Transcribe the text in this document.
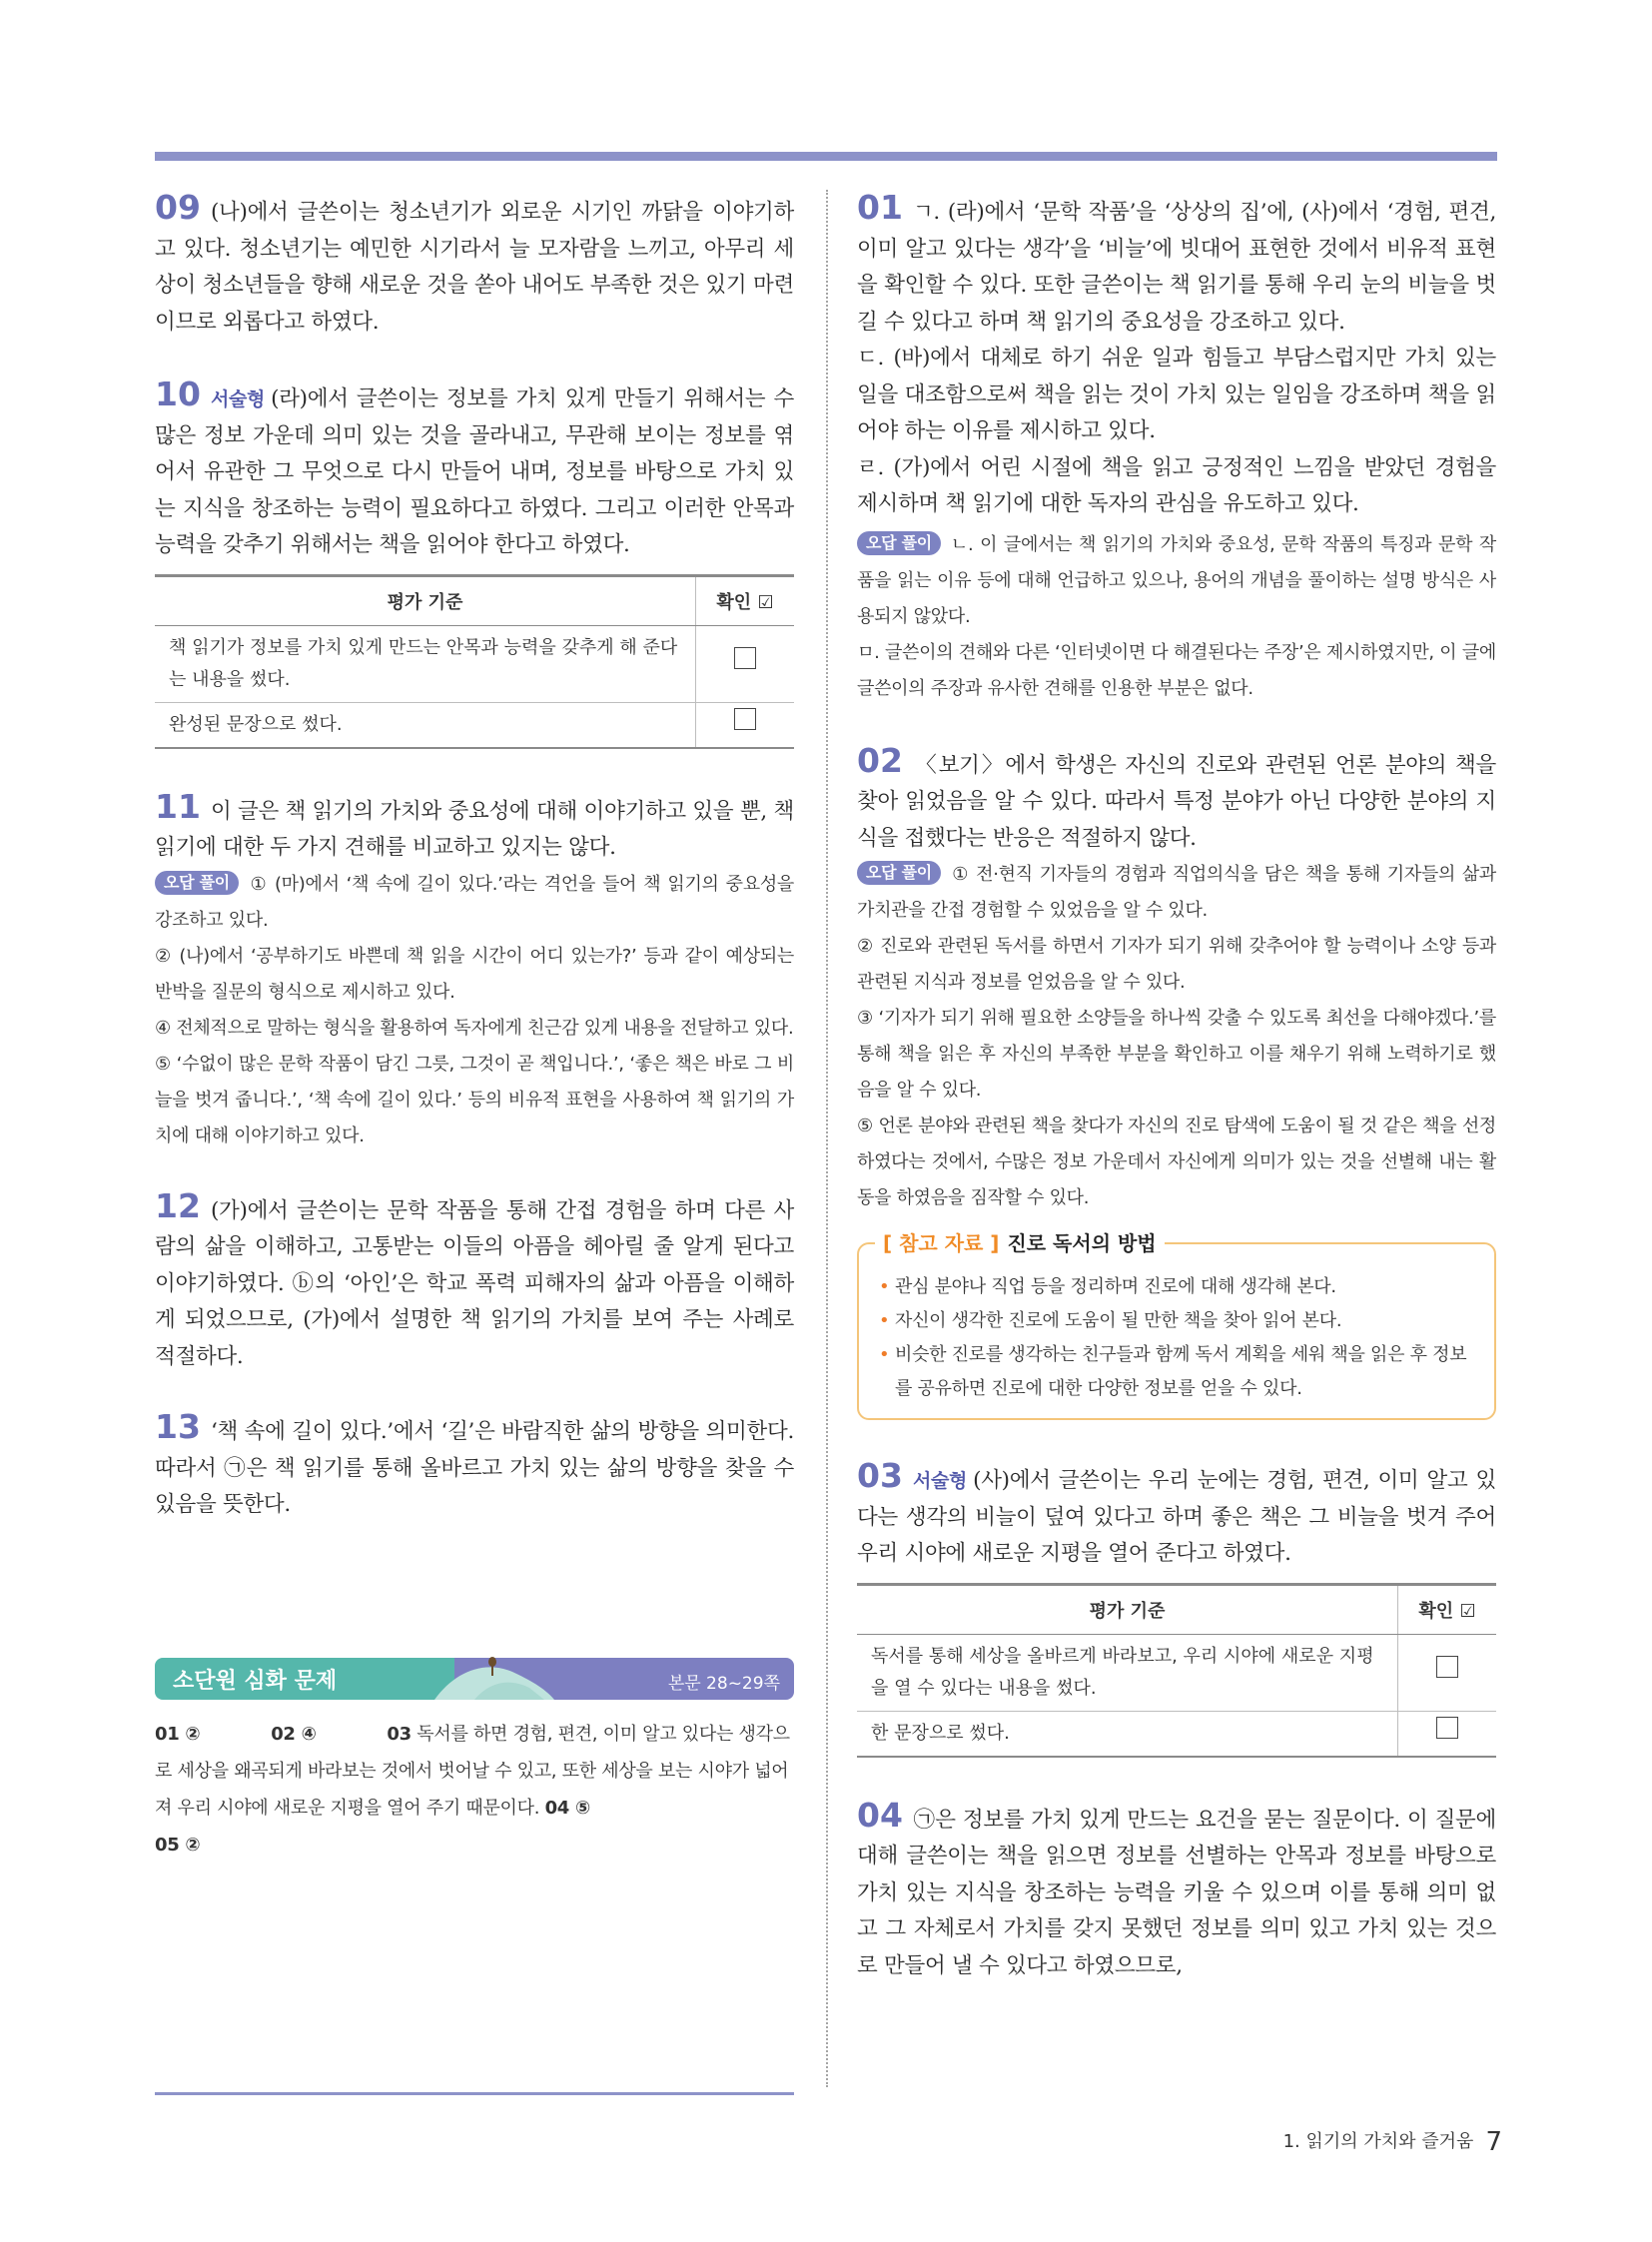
09 (나)에서 글쓴이는 청소년기가 외로운 시기인 까닭을 이야기하고 있다. 청소년기는 예민한 시기라서 늘 모자람을 느끼고, 아무리 세상이 청소년들을 향해 새로운 것을 쏟아 내어도 부족한 것은 있기 마련이므로 외롭다고 하였다.

10 서술형 (라)에서 글쓴이는 정보를 가치 있게 만들기 위해서는 수많은 정보 가운데 의미 있는 것을 골라내고, 무관해 보이는 정보를 엮어서 유관한 그 무엇으로 다시 만들어 내며, 정보를 바탕으로 가치 있는 지식을 창조하는 능력이 필요하다고 하였다. 그리고 이러한 안목과 능력을 갖추기 위해서는 책을 읽어야 한다고 하였다.

평가 기준	확인 ☑
책 읽기가 정보를 가치 있게 만드는 안목과 능력을 갖추게 해 준다는 내용을 썼다.	
완성된 문장으로 썼다.	

11 이 글은 책 읽기의 가치와 중요성에 대해 이야기하고 있을 뿐, 책 읽기에 대한 두 가지 견해를 비교하고 있지는 않다.

오답 풀이 ① (마)에서 ‘책 속에 길이 있다.’라는 격언을 들어 책 읽기의 중요성을 강조하고 있다.

② (나)에서 ‘공부하기도 바쁜데 책 읽을 시간이 어디 있는가?’ 등과 같이 예상되는 반박을 질문의 형식으로 제시하고 있다.

④ 전체적으로 말하는 형식을 활용하여 독자에게 친근감 있게 내용을 전달하고 있다.

⑤ ‘수없이 많은 문학 작품이 담긴 그릇, 그것이 곧 책입니다.’, ‘좋은 책은 바로 그 비늘을 벗겨 줍니다.’, ‘책 속에 길이 있다.’ 등의 비유적 표현을 사용하여 책 읽기의 가치에 대해 이야기하고 있다.

12 (가)에서 글쓴이는 문학 작품을 통해 간접 경험을 하며 다른 사람의 삶을 이해하고, 고통받는 이들의 아픔을 헤아릴 줄 알게 된다고 이야기하였다. ⓑ의 ‘아인’은 학교 폭력 피해자의 삶과 아픔을 이해하게 되었으므로, (가)에서 설명한 책 읽기의 가치를 보여 주는 사례로 적절하다.

13 ‘책 속에 길이 있다.’에서 ‘길’은 바람직한 삶의 방향을 의미한다. 따라서 ㉠은 책 읽기를 통해 올바르고 가치 있는 삶의 방향을 찾을 수 있음을 뜻한다.

소단원 심화 문제	본문 28~29쪽
01 ②	02 ④	03 독서를 하면 경험, 편견, 이미 알고 있다는 생각으로 세상을 왜곡되게 바라보는 것에서 벗어날 수 있고, 또한 세상을 보는 시야가 넓어져 우리 시야에 새로운 지평을 열어 주기 때문이다. 04 ⑤
05 ②

01 ㄱ. (라)에서 ‘문학 작품’을 ‘상상의 집’에, (사)에서 ‘경험, 편견, 이미 알고 있다는 생각’을 ‘비늘’에 빗대어 표현한 것에서 비유적 표현을 확인할 수 있다. 또한 글쓴이는 책 읽기를 통해 우리 눈의 비늘을 벗길 수 있다고 하며 책 읽기의 중요성을 강조하고 있다.

ㄷ. (바)에서 대체로 하기 쉬운 일과 힘들고 부담스럽지만 가치 있는 일을 대조함으로써 책을 읽는 것이 가치 있는 일임을 강조하며 책을 읽어야 하는 이유를 제시하고 있다.

ㄹ. (가)에서 어린 시절에 책을 읽고 긍정적인 느낌을 받았던 경험을 제시하며 책 읽기에 대한 독자의 관심을 유도하고 있다.

오답 풀이 ㄴ. 이 글에서는 책 읽기의 가치와 중요성, 문학 작품의 특징과 문학 작품을 읽는 이유 등에 대해 언급하고 있으나, 용어의 개념을 풀이하는 설명 방식은 사용되지 않았다.

ㅁ. 글쓴이의 견해와 다른 ‘인터넷이면 다 해결된다는 주장’은 제시하였지만, 이 글에 글쓴이의 주장과 유사한 견해를 인용한 부분은 없다.

02 〈보기〉에서 학생은 자신의 진로와 관련된 언론 분야의 책을 찾아 읽었음을 알 수 있다. 따라서 특정 분야가 아닌 다양한 분야의 지식을 접했다는 반응은 적절하지 않다.

오답 풀이 ① 전·현직 기자들의 경험과 직업의식을 담은 책을 통해 기자들의 삶과 가치관을 간접 경험할 수 있었음을 알 수 있다.

② 진로와 관련된 독서를 하면서 기자가 되기 위해 갖추어야 할 능력이나 소양 등과 관련된 지식과 정보를 얻었음을 알 수 있다.

③ ‘기자가 되기 위해 필요한 소양들을 하나씩 갖출 수 있도록 최선을 다해야겠다.’를 통해 책을 읽은 후 자신의 부족한 부분을 확인하고 이를 채우기 위해 노력하기로 했음을 알 수 있다.

⑤ 언론 분야와 관련된 책을 찾다가 자신의 진로 탐색에 도움이 될 것 같은 책을 선정하였다는 것에서, 수많은 정보 가운데서 자신에게 의미가 있는 것을 선별해 내는 활동을 하였음을 짐작할 수 있다.

[ 참고 자료 ] 진로 독서의 방법
• 관심 분야나 직업 등을 정리하며 진로에 대해 생각해 본다.
• 자신이 생각한 진로에 도움이 될 만한 책을 찾아 읽어 본다.
• 비슷한 진로를 생각하는 친구들과 함께 독서 계획을 세워 책을 읽은 후 정보를 공유하면 진로에 대한 다양한 정보를 얻을 수 있다.

03 서술형 (사)에서 글쓴이는 우리 눈에는 경험, 편견, 이미 알고 있다는 생각의 비늘이 덮여 있다고 하며 좋은 책은 그 비늘을 벗겨 주어 우리 시야에 새로운 지평을 열어 준다고 하였다.

평가 기준	확인 ☑
독서를 통해 세상을 올바르게 바라보고, 우리 시야에 새로운 지평을 열 수 있다는 내용을 썼다.	
한 문장으로 썼다.	

04 ㉠은 정보를 가치 있게 만드는 요건을 묻는 질문이다. 이 질문에 대해 글쓴이는 책을 읽으면 정보를 선별하는 안목과 정보를 바탕으로 가치 있는 지식을 창조하는 능력을 키울 수 있으며 이를 통해 의미 없고 그 자체로서 가치를 갖지 못했던 정보를 의미 있고 가치 있는 것으로 만들어 낼 수 있다고 하였으므로,

1. 읽기의 가치와 즐거움 7
